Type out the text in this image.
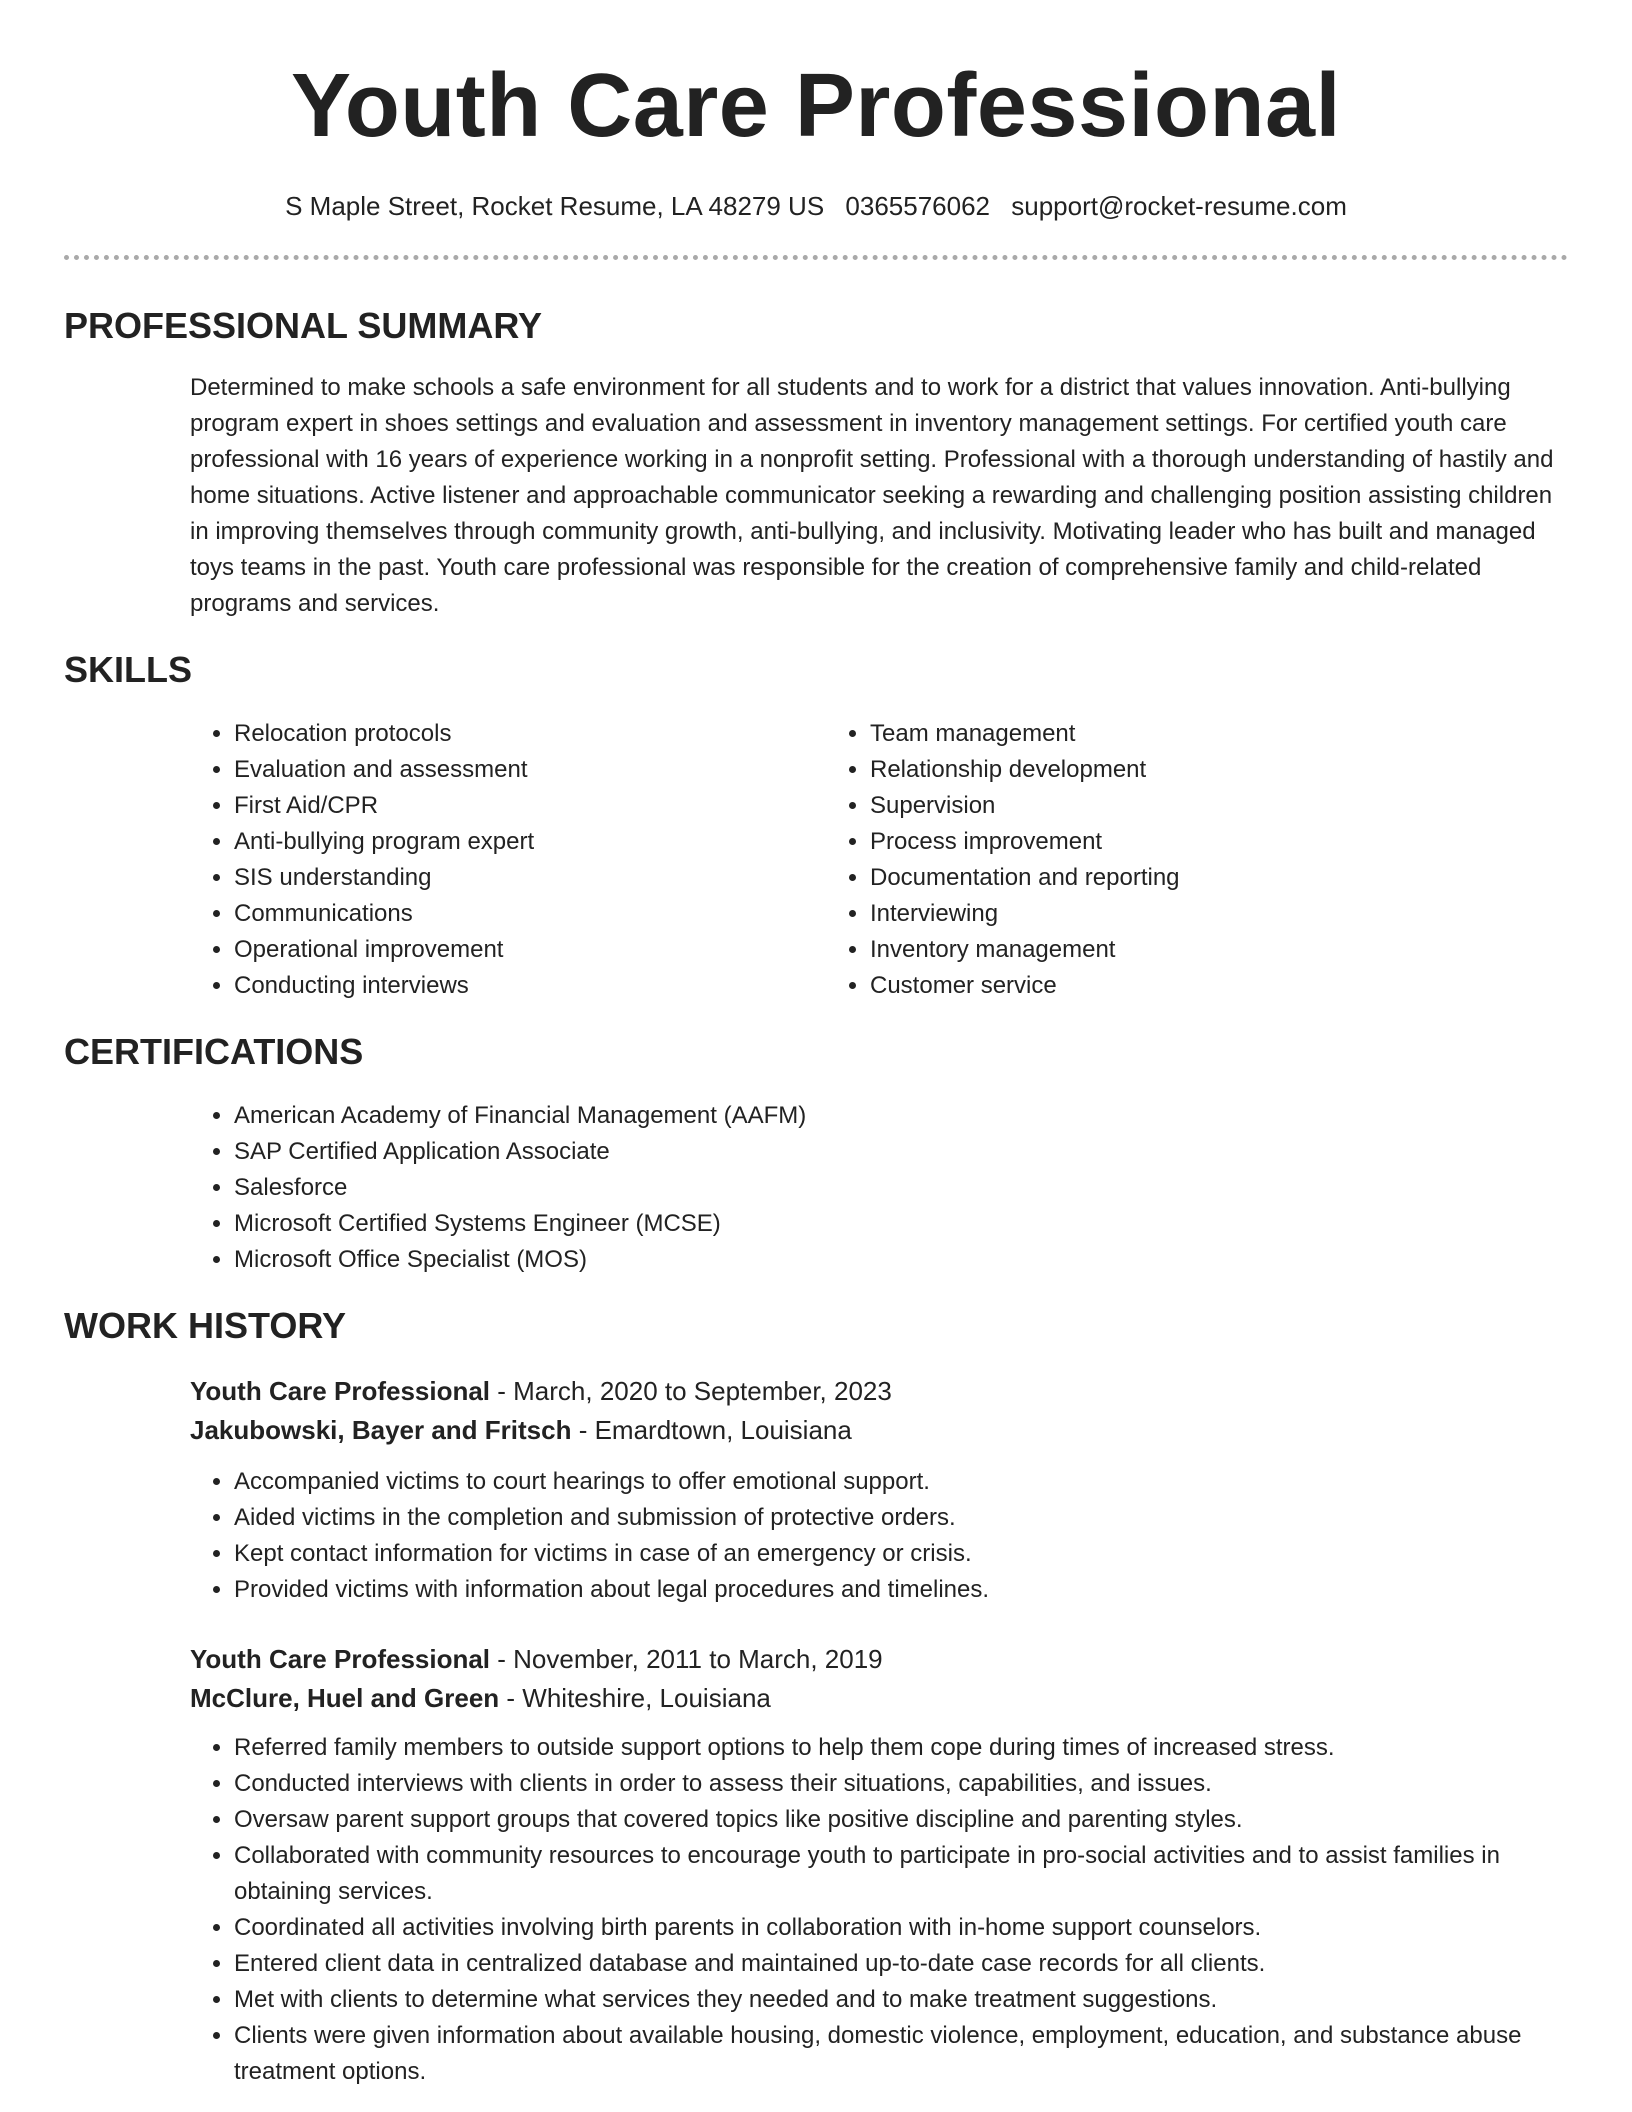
Youth Care Professional
S Maple Street, Rocket Resume, LA 48279 US 0365576062 support@rocket-resume.com
PROFESSIONAL SUMMARY

Determined to make schools a safe environment for all students and to work for a district that values innovation. Anti-bullying program expert in shoes settings and evaluation and assessment in inventory management settings. For certified youth care professional with 16 years of experience working in a nonprofit setting. Professional with a thorough understanding of hastily and home situations. Active listener and approachable communicator seeking a rewarding and challenging position assisting children in improving themselves through community growth, anti-bullying, and inclusivity. Motivating leader who has built and managed toys teams in the past. Youth care professional was responsible for the creation of comprehensive family and child-related programs and services.

SKILLS
• Relocation protocols
• Evaluation and assessment
• First Aid/CPR
• Anti-bullying program expert
• SIS understanding
• Communications
• Operational improvement
• Conducting interviews
• Team management
• Relationship development
• Supervision
• Process improvement
• Documentation and reporting
• Interviewing
• Inventory management
• Customer service
CERTIFICATIONS
• American Academy of Financial Management (AAFM)
• SAP Certified Application Associate
• Salesforce
• Microsoft Certified Systems Engineer (MCSE)
• Microsoft Office Specialist (MOS)
WORK HISTORY
Youth Care Professional - March, 2020 to September, 2023
Jakubowski, Bayer and Fritsch - Emardtown, Louisiana
• Accompanied victims to court hearings to offer emotional support.
• Aided victims in the completion and submission of protective orders.
• Kept contact information for victims in case of an emergency or crisis.
• Provided victims with information about legal procedures and timelines.
Youth Care Professional - November, 2011 to March, 2019
McClure, Huel and Green - Whiteshire, Louisiana
• Referred family members to outside support options to help them cope during times of increased stress.
• Conducted interviews with clients in order to assess their situations, capabilities, and issues.
• Oversaw parent support groups that covered topics like positive discipline and parenting styles.
• Collaborated with community resources to encourage youth to participate in pro-social activities and to assist families in obtaining services.
• Coordinated all activities involving birth parents in collaboration with in-home support counselors.
• Entered client data in centralized database and maintained up-to-date case records for all clients.
• Met with clients to determine what services they needed and to make treatment suggestions.
• Clients were given information about available housing, domestic violence, employment, education, and substance abuse treatment options.
